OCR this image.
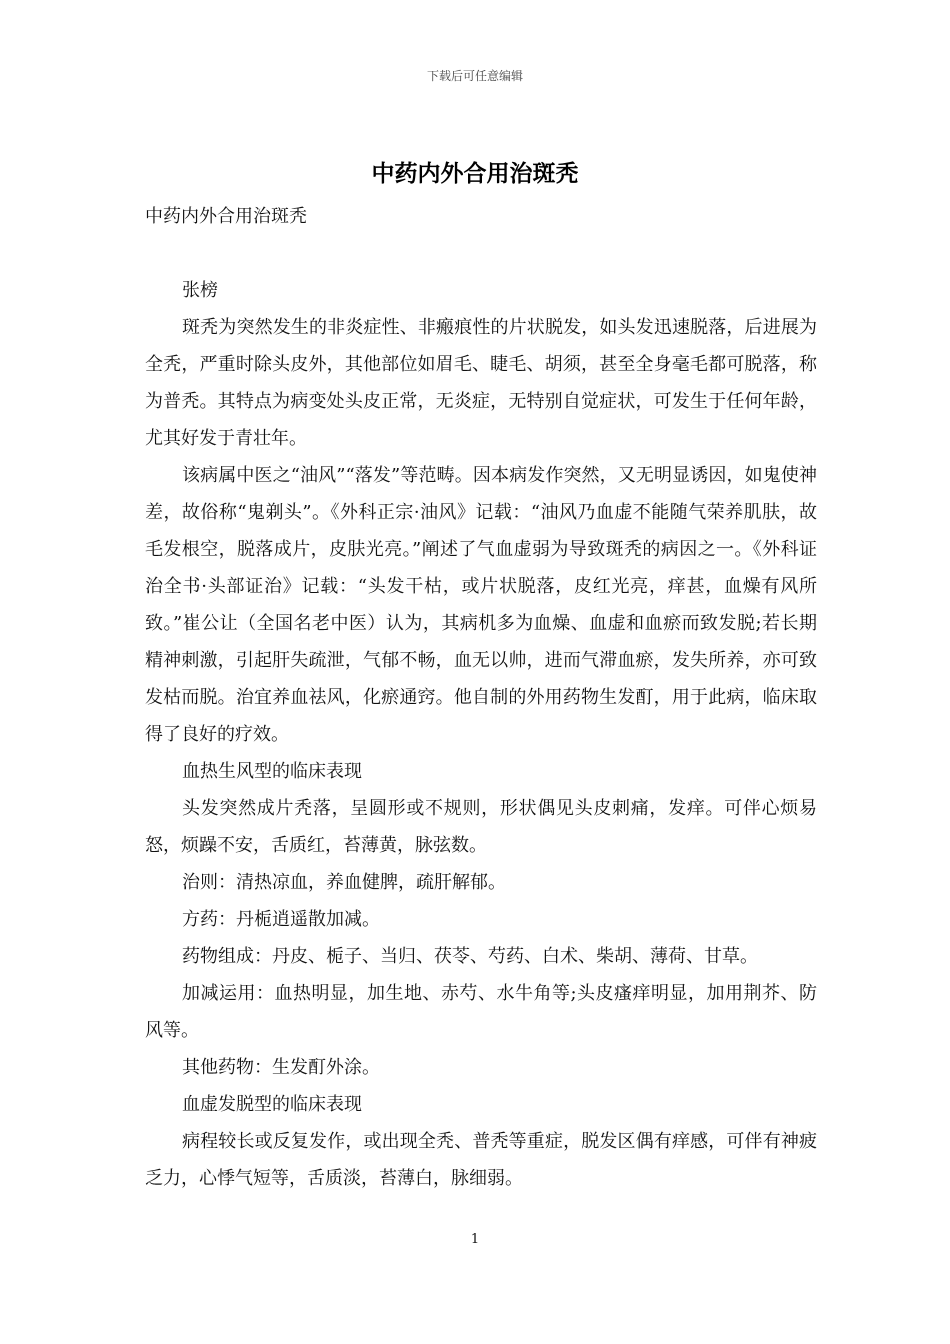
下载后可任意编辑
中药内外合用治斑秃

中药内外合用治斑秃

张榜

斑秃为突然发生的非炎症性、非瘢痕性的片状脱发，如头发迅速脱落，后进展为全秃，严重时除头皮外，其他部位如眉毛、睫毛、胡须，甚至全身毫毛都可脱落，称为普秃。其特点为病变处头皮正常，无炎症，无特别自觉症状，可发生于任何年龄，尤其好发于青壮年。

该病属中医之“油风”“落发”等范畴。因本病发作突然，又无明显诱因，如鬼使神差，故俗称“鬼剃头”。《外科正宗·油风》记载：“油风乃血虚不能随气荣养肌肤，故毛发根空，脱落成片，皮肤光亮。”阐述了气血虚弱为导致斑秃的病因之一。《外科证治全书·头部证治》记载：“头发干枯，或片状脱落，皮红光亮，痒甚，血燥有风所致。”崔公让（全国名老中医）认为，其病机多为血燥、血虚和血瘀而致发脱;若长期精神刺激，引起肝失疏泄，气郁不畅，血无以帅，进而气滞血瘀，发失所养，亦可致发枯而脱。治宜养血祛风，化瘀通窍。他自制的外用药物生发酊，用于此病，临床取得了良好的疗效。

血热生风型的临床表现

头发突然成片秃落，呈圆形或不规则，形状偶见头皮刺痛，发痒。可伴心烦易怒，烦躁不安，舌质红，苔薄黄，脉弦数。

治则：清热凉血，养血健脾，疏肝解郁。

方药：丹栀逍遥散加减。

药物组成：丹皮、栀子、当归、茯苓、芍药、白术、柴胡、薄荷、甘草。

加减运用：血热明显，加生地、赤芍、水牛角等;头皮瘙痒明显，加用荆芥、防风等。

其他药物：生发酊外涂。

血虚发脱型的临床表现

病程较长或反复发作，或出现全秃、普秃等重症，脱发区偶有痒感，可伴有神疲乏力，心悸气短等，舌质淡，苔薄白，脉细弱。

1
